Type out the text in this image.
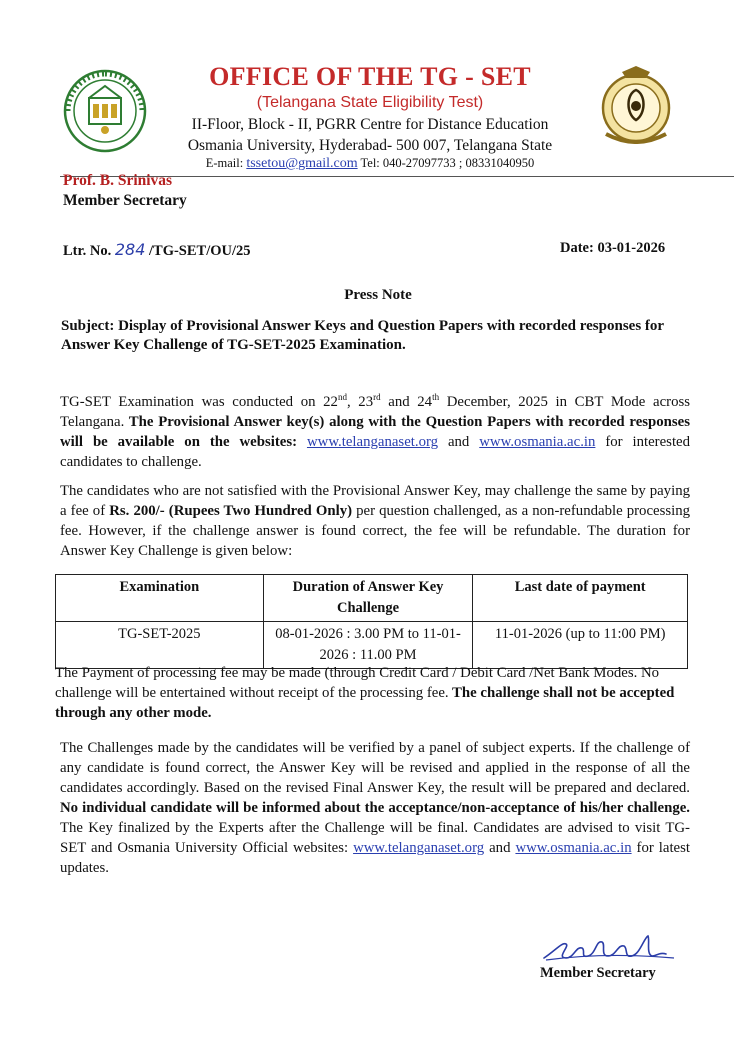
OFFICE OF THE TG - SET
(Telangana State Eligibility Test)
II-Floor, Block - II, PGRR Centre for Distance Education
Osmania University, Hyderabad- 500 007, Telangana State
E-mail: tssetou@gmail.com Tel: 040-27097733 ; 08331040950
Prof. B. Srinivas
Member Secretary
Ltr. No. 284 /TG-SET/OU/25	Date: 03-01-2026
Press Note
Subject: Display of Provisional Answer Keys and Question Papers with recorded responses for Answer Key Challenge of TG-SET-2025 Examination.
TG-SET Examination was conducted on 22nd, 23rd and 24th December, 2025 in CBT Mode across Telangana. The Provisional Answer key(s) along with the Question Papers with recorded responses will be available on the websites: www.telanganaset.org and www.osmania.ac.in for interested candidates to challenge.
The candidates who are not satisfied with the Provisional Answer Key, may challenge the same by paying a fee of Rs. 200/- (Rupees Two Hundred Only) per question challenged, as a non-refundable processing fee. However, if the challenge answer is found correct, the fee will be refundable. The duration for Answer Key Challenge is given below:
Examination	Duration of Answer Key Challenge	Last date of payment
TG-SET-2025	08-01-2026 : 3.00 PM to 11-01-2026 : 11.00 PM	11-01-2026 (up to 11:00 PM)
The Payment of processing fee may be made (through Credit Card / Debit Card /Net Bank Modes. No challenge will be entertained without receipt of the processing fee. The challenge shall not be accepted through any other mode.
The Challenges made by the candidates will be verified by a panel of subject experts. If the challenge of any candidate is found correct, the Answer Key will be revised and applied in the response of all the candidates accordingly. Based on the revised Final Answer Key, the result will be prepared and declared. No individual candidate will be informed about the acceptance/non-acceptance of his/her challenge. The Key finalized by the Experts after the Challenge will be final. Candidates are advised to visit TG-SET and Osmania University Official websites: www.telanganaset.org and www.osmania.ac.in for latest updates.
Member Secretary
